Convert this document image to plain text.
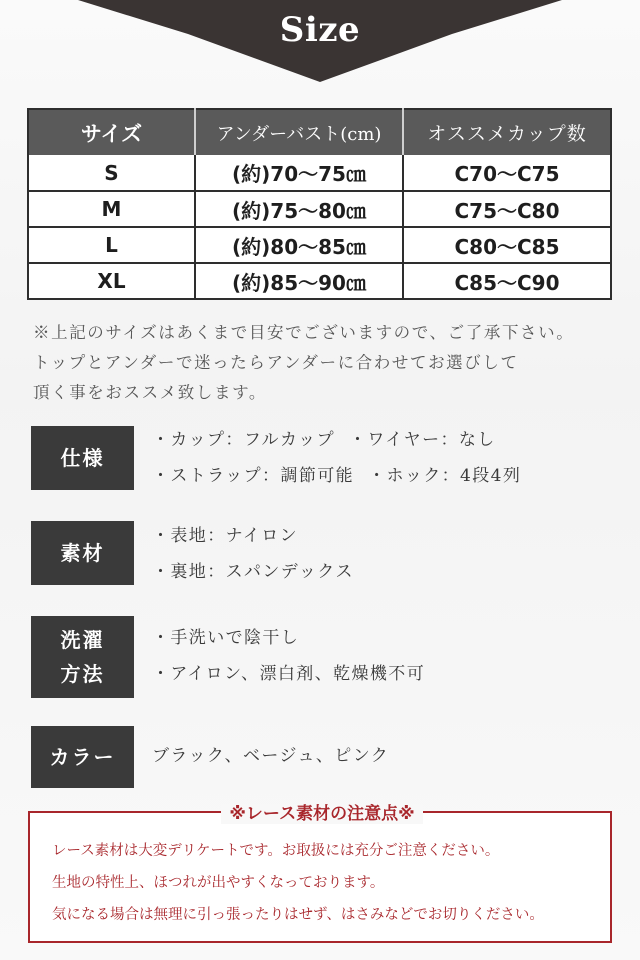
Size
サイズ	アンダーバスト(cm)	オススメカップ数
S	(約)70〜75㎝	C70〜C75
M	(約)75〜80㎝	C75〜C80
L	(約)80〜85㎝	C80〜C85
XL	(約)85〜90㎝	C85〜C90
※上記のサイズはあくまで目安でございますので、ご了承下さい。
トップとアンダーで迷ったらアンダーに合わせてお選びして
頂く事をおススメ致します。
仕様
・カップ：フルカップ ・ワイヤー：なし
・ストラップ：調節可能 ・ホック：4段4列
素材
・表地：ナイロン
・裏地：スパンデックス
洗濯
方法
・手洗いで陰干し
・アイロン、漂白剤、乾燥機不可
カラー ブラック、ベージュ、ピンク
※レース素材の注意点※
レース素材は大変デリケートです。お取扱には充分ご注意ください。
生地の特性上、ほつれが出やすくなっております。
気になる場合は無理に引っ張ったりはせず、はさみなどでお切りください。
